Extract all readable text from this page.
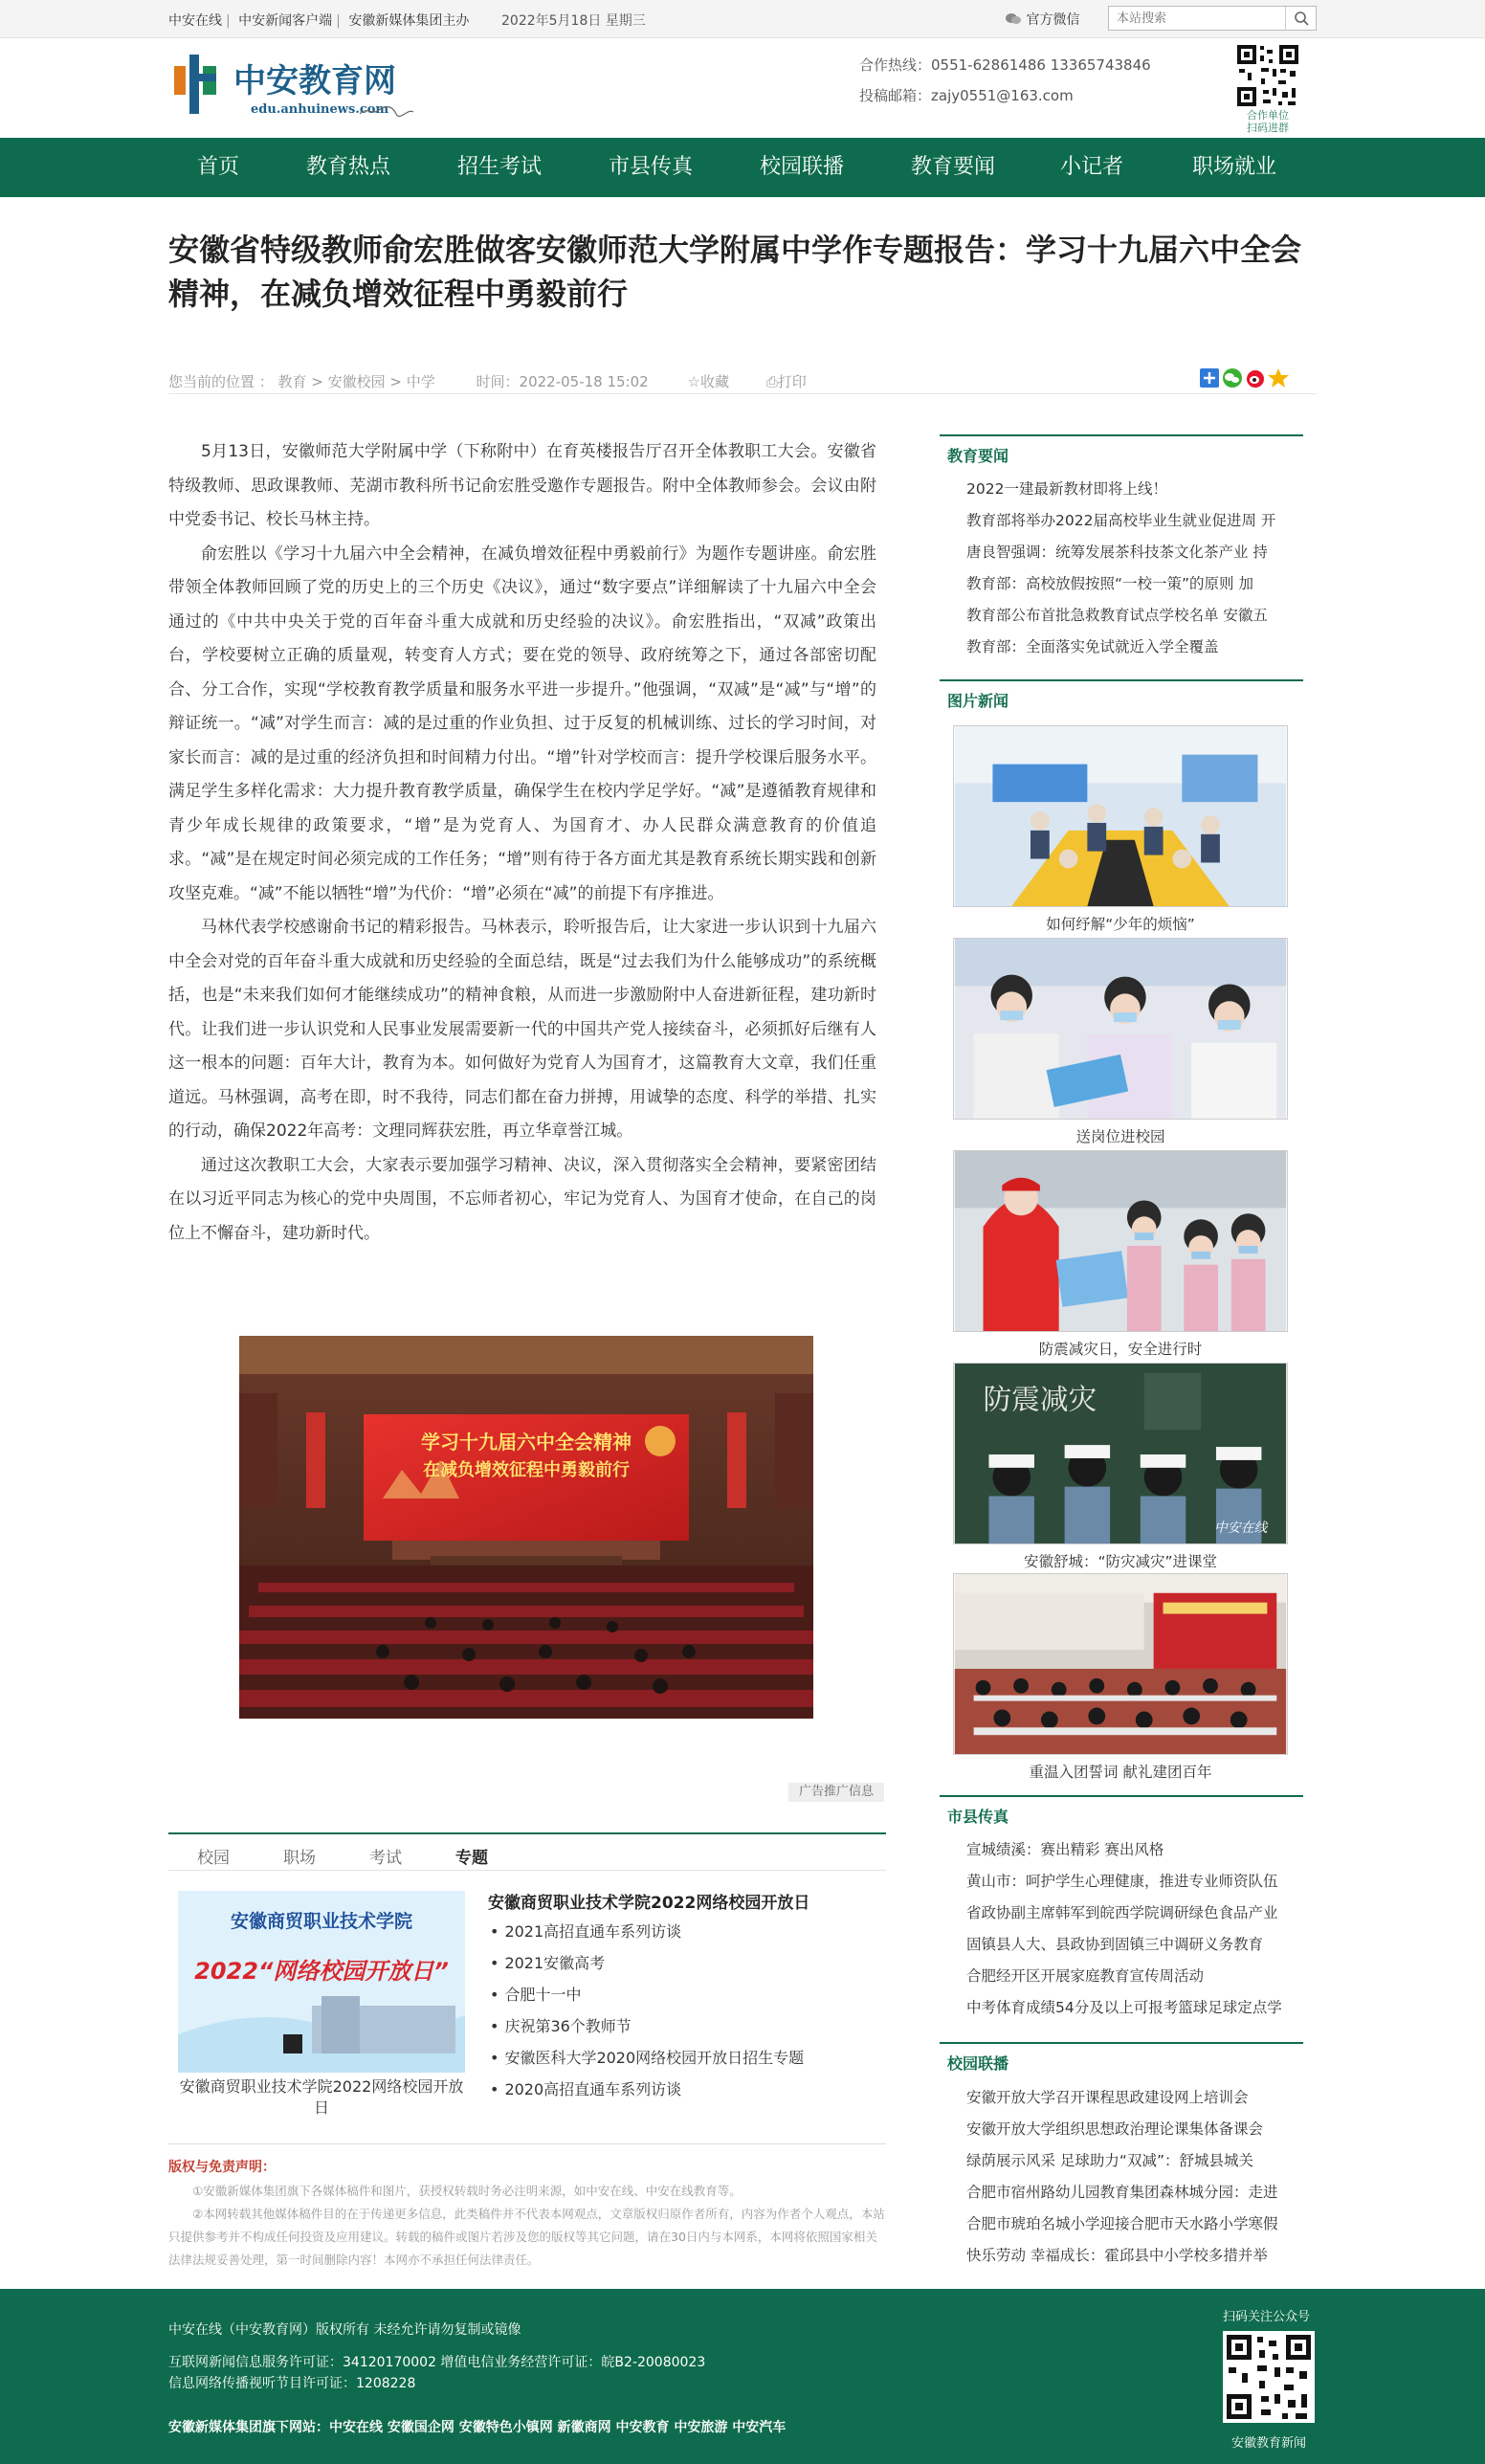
中安在线 | 中安新闻客户端 | 安徽新媒体集团主办 2022年5月18日 星期三	官方微信
本站搜索
中安教育网
edu.anhuinews.com
合作热线：0551-62861486 13365743846
投稿邮箱：zajy0551@163.com
合作单位
扫码进群
首页	教育热点	招生考试	市县传真	校园联播	教育要闻	小记者	职场就业
安徽省特级教师俞宏胜做客安徽师范大学附属中学作专题报告：学习十九届六中全会精神，在减负增效征程中勇毅前行
您当前的位置 ： 教育 > 安徽校园 > 中学	时间：2022-05-18 15:02	☆收藏	⎙打印

5月13日，安徽师范大学附属中学（下称附中）在育英楼报告厅召开全体教职工大会。安徽省特级教师、思政课教师、芜湖市教科所书记俞宏胜受邀作专题报告。附中全体教师参会。会议由附中党委书记、校长马林主持。

俞宏胜以《学习十九届六中全会精神，在减负增效征程中勇毅前行》为题作专题讲座。俞宏胜带领全体教师回顾了党的历史上的三个历史《决议》，通过“数字要点”详细解读了十九届六中全会通过的《中共中央关于党的百年奋斗重大成就和历史经验的决议》。俞宏胜指出，“双减”政策出台，学校要树立正确的质量观，转变育人方式；要在党的领导、政府统筹之下，通过各部密切配合、分工合作，实现“学校教育教学质量和服务水平进一步提升。”他强调，“双减”是“减”与“增”的辩证统一。“减”对学生而言：减的是过重的作业负担、过于反复的机械训练、过长的学习时间，对家长而言：减的是过重的经济负担和时间精力付出。“增”针对学校而言：提升学校课后服务水平。满足学生多样化需求：大力提升教育教学质量，确保学生在校内学足学好。“减”是遵循教育规律和青少年成长规律的政策要求，“增”是为党育人、为国育才、办人民群众满意教育的价值追求。“减”是在规定时间必须完成的工作任务；“增”则有待于各方面尤其是教育系统长期实践和创新攻坚克难。“减”不能以牺牲“增”为代价：“增”必须在“减”的前提下有序推进。

马林代表学校感谢俞书记的精彩报告。马林表示，聆听报告后，让大家进一步认识到十九届六中全会对党的百年奋斗重大成就和历史经验的全面总结，既是“过去我们为什么能够成功”的系统概括，也是“未来我们如何才能继续成功”的精神食粮，从而进一步激励附中人奋进新征程，建功新时代。让我们进一步认识党和人民事业发展需要新一代的中国共产党人接续奋斗，必须抓好后继有人这一根本的问题：百年大计，教育为本。如何做好为党育人为国育才，这篇教育大文章，我们任重道远。马林强调，高考在即，时不我待，同志们都在奋力拼搏，用诚挚的态度、科学的举措、扎实的行动，确保2022年高考：文理同辉获宏胜，再立华章誉江城。

通过这次教职工大会，大家表示要加强学习精神、决议，深入贯彻落实全会精神，要紧密团结在以习近平同志为核心的党中央周围，不忘师者初心，牢记为党育人、为国育才使命，在自己的岗位上不懈奋斗，建功新时代。

学习十九届六中全会精神
在减负增效征程中勇毅前行
广告推广信息
校园	职场	考试	专题
安徽商贸职业技术学院
2022“网络校园开放日”
安徽商贸职业技术学院2022网络校园开放日
安徽商贸职业技术学院2022网络校园开放日
• 2021高招直通车系列访谈
• 2021安徽高考
• 合肥十一中
• 庆祝第36个教师节
• 安徽医科大学2020网络校园开放日招生专题
• 2020高招直通车系列访谈
版权与免责声明：
①安徽新媒体集团旗下各媒体稿件和图片，获授权转载时务必注明来源，如中安在线、中安在线教育等。
②本网转载其他媒体稿件目的在于传递更多信息，此类稿件并不代表本网观点，文章版权归原作者所有，内容为作者个人观点，本站只提供参考并不构成任何投资及应用建议。转载的稿件或图片若涉及您的版权等其它问题，请在30日内与本网系，本网将依照国家相关法律法规妥善处理，第一时间删除内容！本网亦不承担任何法律责任。
教育要闻
2022一建最新教材即将上线！
教育部将举办2022届高校毕业生就业促进周 开
唐良智强调：统筹发展茶科技茶文化茶产业 持
教育部：高校放假按照“一校一策”的原则 加
教育部公布首批急救教育试点学校名单 安徽五
教育部：全面落实免试就近入学全覆盖
图片新闻
如何纾解“少年的烦恼”
送岗位进校园
防震减灾日，安全进行时
防震减灾
中安在线
安徽舒城：“防灾减灾”进课堂
重温入团誓词 献礼建团百年
市县传真
宣城绩溪：赛出精彩 赛出风格
黄山市：呵护学生心理健康，推进专业师资队伍
省政协副主席韩军到皖西学院调研绿色食品产业
固镇县人大、县政协到固镇三中调研义务教育
合肥经开区开展家庭教育宣传周活动
中考体育成绩54分及以上可报考篮球足球定点学
校园联播
安徽开放大学召开课程思政建设网上培训会
安徽开放大学组织思想政治理论课集体备课会
绿荫展示风采 足球助力“双减”：舒城县城关
合肥市宿州路幼儿园教育集团森林城分园：走进
合肥市琥珀名城小学迎接合肥市天水路小学寒假
快乐劳动 幸福成长：霍邱县中小学校多措并举
中安在线（中安教育网）版权所有 未经允许请勿复制或镜像
互联网新闻信息服务许可证：34120170002 增值电信业务经营许可证：皖B2-20080023
信息网络传播视听节目许可证：1208228
安徽新媒体集团旗下网站：中安在线 安徽国企网 安徽特色小镇网 新徽商网 中安教育 中安旅游 中安汽车
扫码关注公众号
安徽教育新闻
